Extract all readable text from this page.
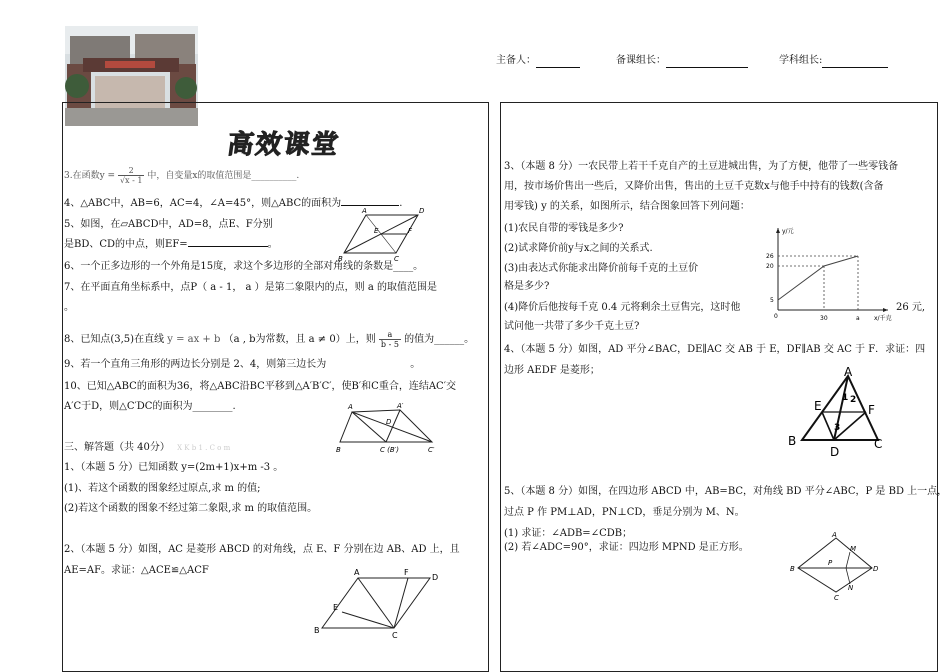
主备人：	备课组长：	学科组长:
高效课堂
3.在函数$y = \frac{2}{√x - 1}$ 中，自变量x的取值范围是__________.
4、△ABC中，AB=6，AC=4，∠A=45°，则△ABC的面积为	.
5、如图，在▱ABCD中，AD=8，点E、F分别
是BD、CD的中点，则EF=	。
A
F
D
E
B	C
6、一个正多边形的一个外角是15度，求这个多边形的全部对角线的条数是____。
7、在平面直角坐标系中，点P（ a - 1， a ）是第二象限内的点，则 a 的取值范围是
。
8、已知点(3,5)在直线 y = ax + b （a , b为常数，且 a ≠ 0）上，则 $\frac{a}{b - 5}$ 的值为______。
9、若一个直角三角形的两边长分别是 2、4，则第三边长为	。
10、已知△ABC的面积为36，将△ABC沿BC平移到△A′B′C′，使B′和C重合，连结AC′交
A′C于D，则△C′DC的面积为________.	A	A′
D
B	C (B′)	C′
三、解答题（共 40分） X K b 1 . C o m
1、（本题 5 分）已知函数 y=(2m+1)x+m -3 。
(1)、若这个函数的图象经过原点,求 m 的值;
(2)若这个函数的图象不经过第二象限,求 m 的取值范围。
2、（本题 5 分）如图，AC 是菱形 ABCD 的对角线，点 E、F 分别在边 AB、AD 上，且
AE=AF。求证：△ACE≌△ACF	A	F
D
E
B
C
3、（本题 8 分）一农民带上若干千克自产的土豆进城出售，为了方便，他带了一些零钱备
用，按市场价售出一些后，又降价出售，售出的土豆千克数x与他手中持有的钱数(含备
用零钱) y 的关系，如图所示，结合图象回答下列问题：
(1)农民自带的零钱是多少?
(2)试求降价前y与x之间的关系式.
(3)由表达式你能求出降价前每千克的土豆价
格是多少?
(4)降价后他按每千克 0.4 元将剩余土豆售完，这时他	26 元,
试问他一共带了多少千克土豆?
y/元
x/千克
26
20
5
0	30	a
4、（本题 5 分）如图，AD 平分∠BAC，DE∥AC 交 AB 于 E，DF∥AB 交 AC 于 F．求证：四
边形 AEDF 是菱形；	A
E	F
B
D
C
1 2
3
5、（本题 8 分）如图，在四边形 ABCD 中，AB=BC，对角线 BD 平分∠ABC，P 是 BD 上一点，
过点 P 作 PM⊥AD，PN⊥CD，垂足分别为 M、N。
(1) 求证：∠ADB=∠CDB；
(2) 若∠ADC=90°，求证：四边形 MPND 是正方形。
A
M
B
P
D
C
N
